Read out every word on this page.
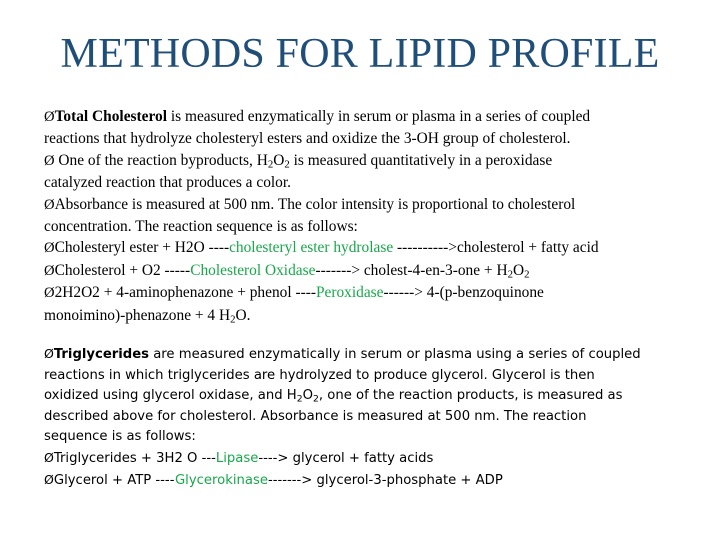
METHODS FOR LIPID PROFILE
ØTotal Cholesterol is measured enzymatically in serum or plasma in a series of coupled
reactions that hydrolyze cholesteryl esters and oxidize the 3-OH group of cholesterol.
Ø One of the reaction byproducts, $H_2O_2$ is measured quantitatively in a peroxidase
catalyzed reaction that produces a color.
ØAbsorbance is measured at 500 nm. The color intensity is proportional to cholesterol
concentration. The reaction sequence is as follows:
ØCholesteryl ester + H2O ----cholesteryl ester hydrolase ---------->cholesterol + fatty acid
ØCholesterol + O2 -----Cholesterol Oxidase-------> cholest-4-en-3-one + $H_2O_2$
Ø2H2O2 + 4-aminophenazone + phenol ----Peroxidase------> 4-(p-benzoquinone
monoimino)-phenazone + 4 $H_2O$.
ØTriglycerides are measured enzymatically in serum or plasma using a series of coupled
reactions in which triglycerides are hydrolyzed to produce glycerol. Glycerol is then
oxidized using glycerol oxidase, and $H_2O_2$, one of the reaction products, is measured as
described above for cholesterol. Absorbance is measured at 500 nm. The reaction
sequence is as follows:
ØTriglycerides + 3H2 O ---Lipase----> glycerol + fatty acids
ØGlycerol + ATP ----Glycerokinase-------> glycerol-3-phosphate + ADP
